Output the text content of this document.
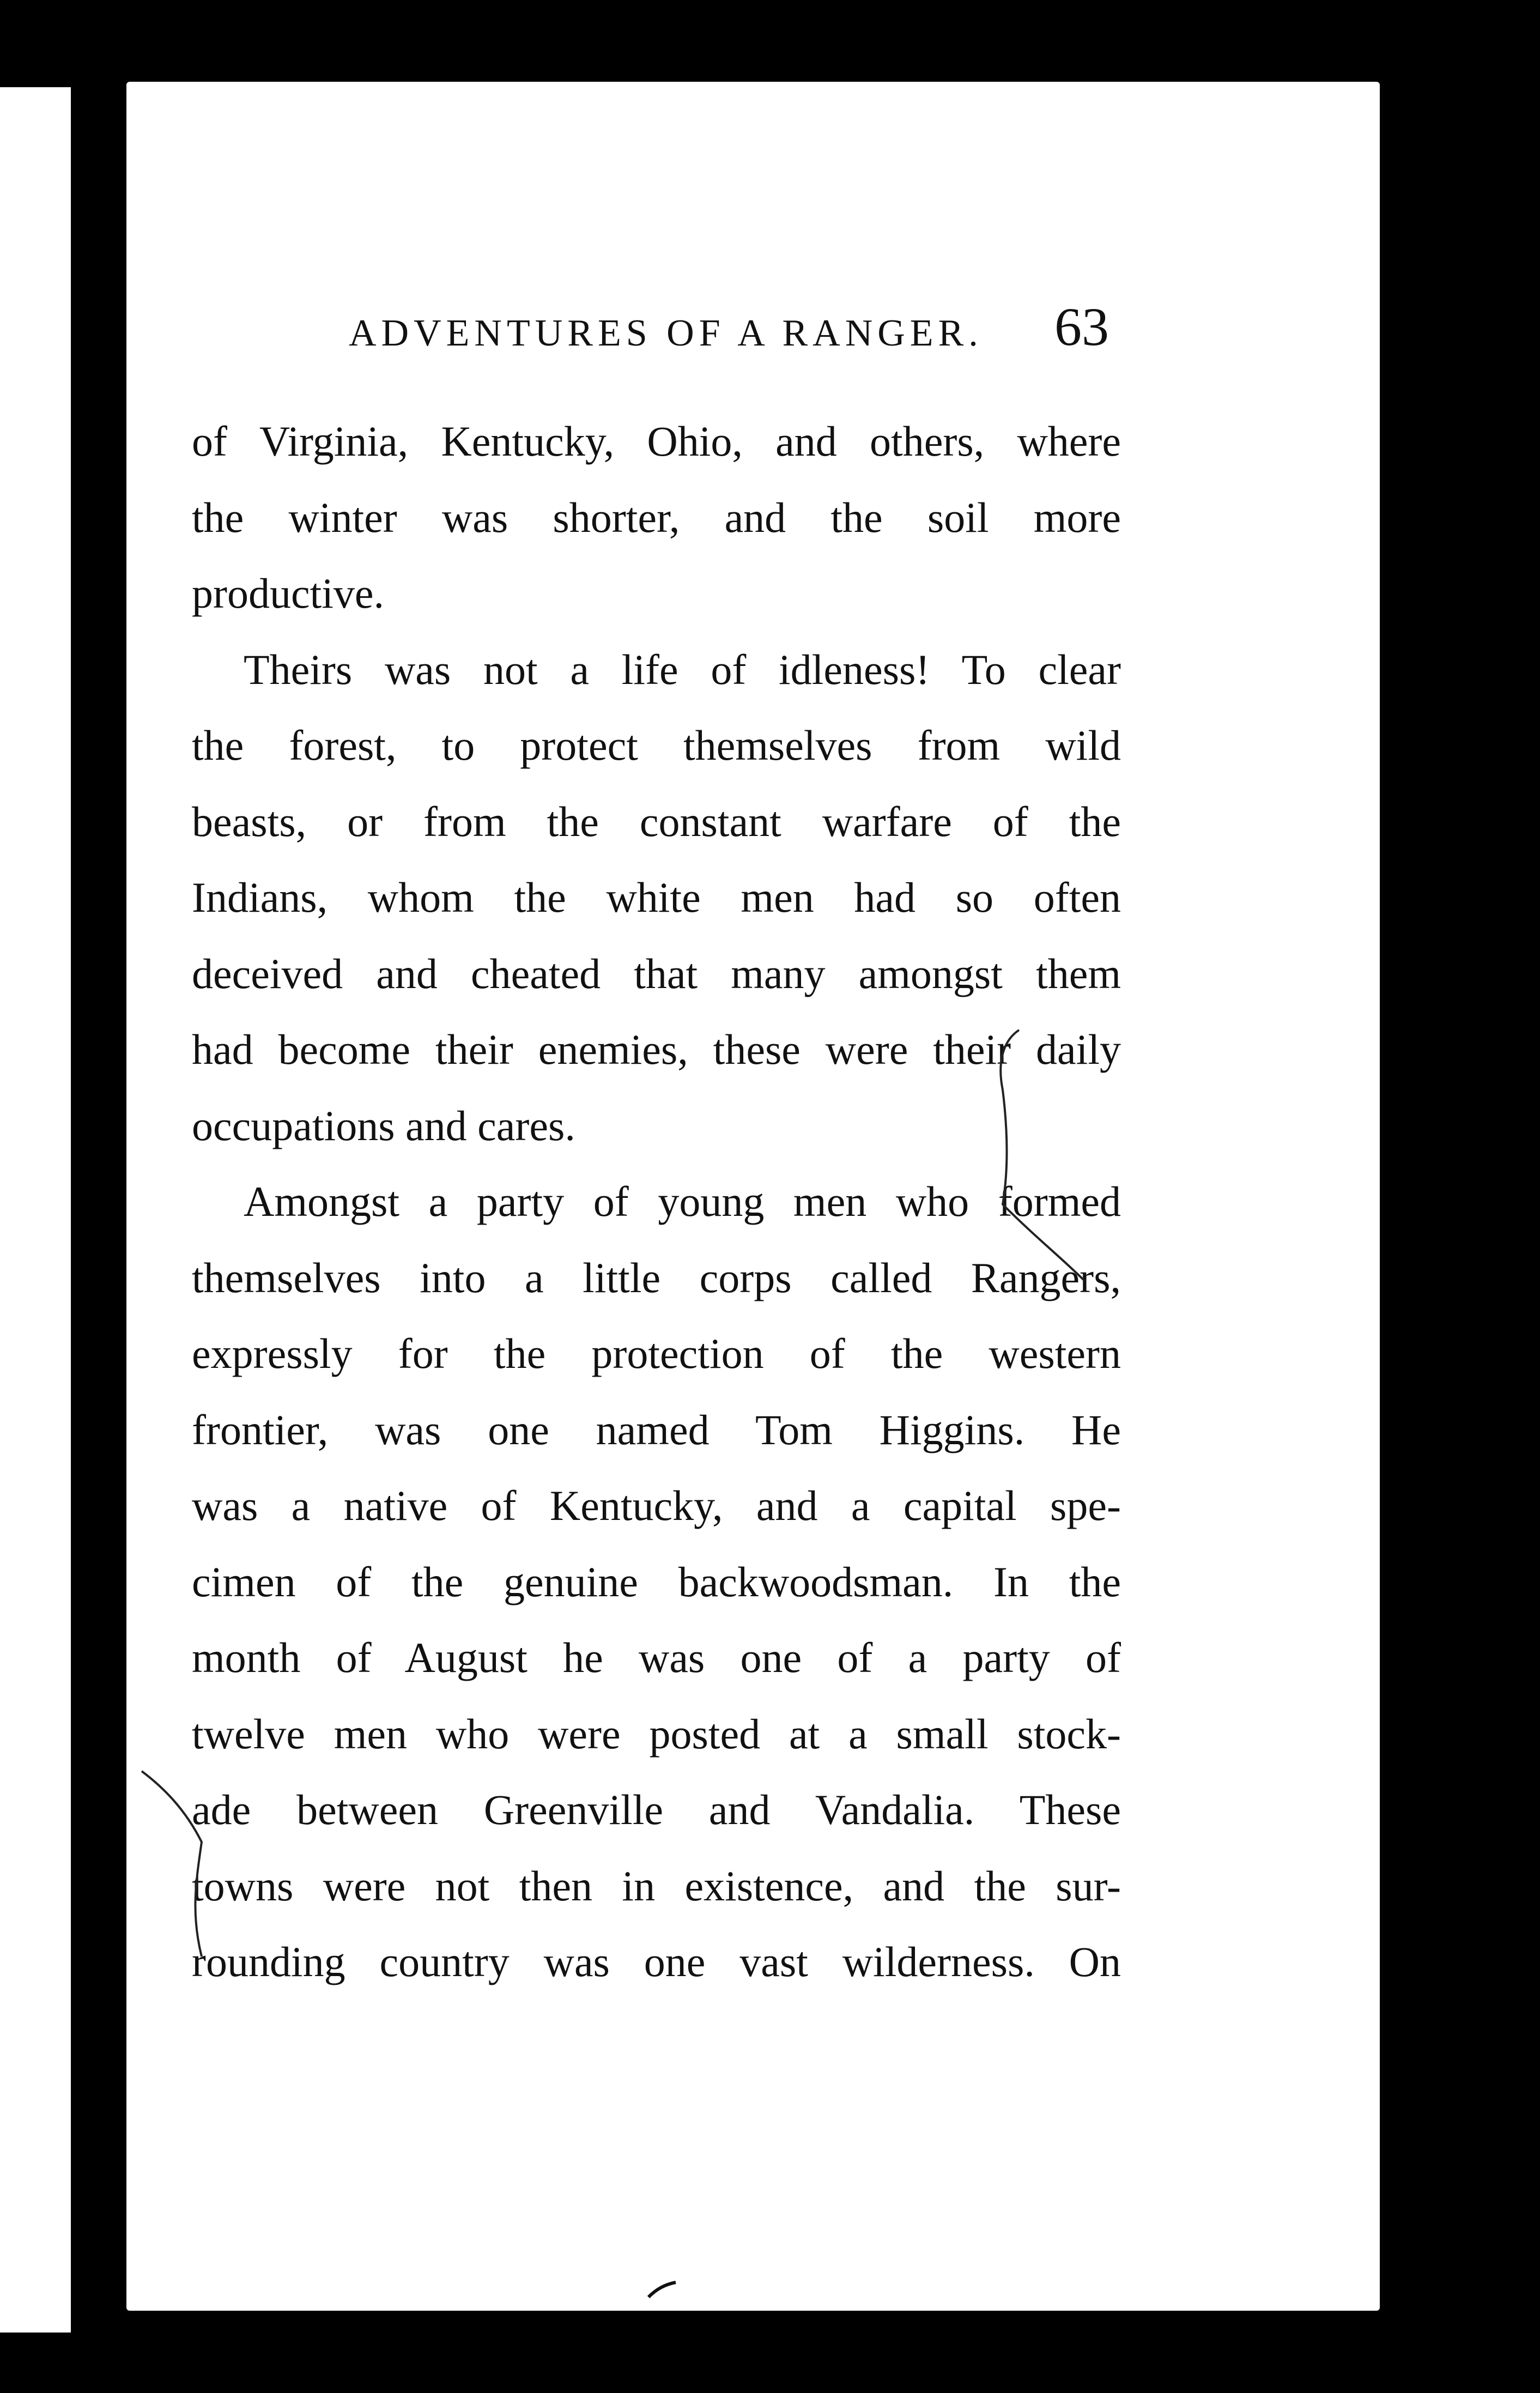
ADVENTURES OF A RANGER. 63
of Virginia, Kentucky, Ohio, and others, where
the winter was shorter, and the soil more
productive.
Theirs was not a life of idleness! To clear
the forest, to protect themselves from wild
beasts, or from the constant warfare of the
Indians, whom the white men had so often
deceived and cheated that many amongst them
had become their enemies, these were their daily
occupations and cares.
Amongst a party of young men who formed
themselves into a little corps called Rangers,
expressly for the protection of the western
frontier, was one named Tom Higgins. He
was a native of Kentucky, and a capital spe-
cimen of the genuine backwoodsman. In the
month of August he was one of a party of
twelve men who were posted at a small stock-
ade between Greenville and Vandalia. These
towns were not then in existence, and the sur-
rounding country was one vast wilderness. On
